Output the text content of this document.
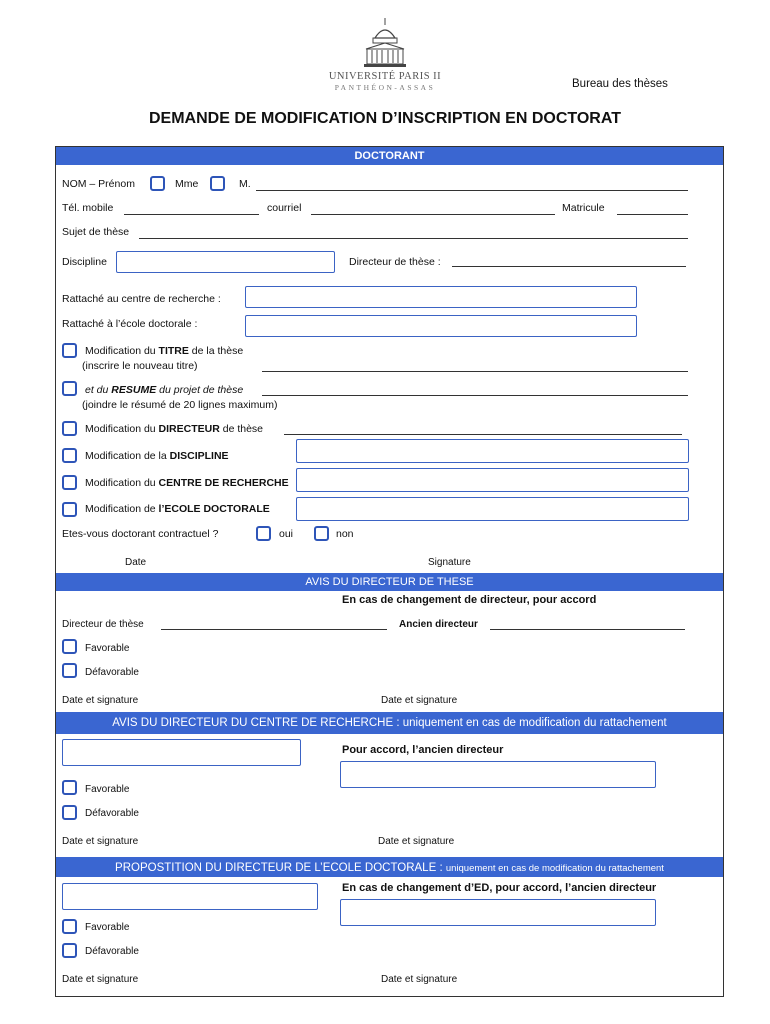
UNIVERSITÉ PARIS II
PANTHÉON-ASSAS	Bureau des thèses
DEMANDE DE MODIFICATION D’INSCRIPTION EN DOCTORAT
DOCTORANT
NOM – Prénom	Mme	M.
Tél. mobile	courriel	Matricule
Sujet de thèse
Discipline	Directeur de thèse :
Rattaché au centre de recherche :
Rattaché à l’école doctorale :
Modification du TITRE de la thèse
(inscrire le nouveau titre)
et du RESUME du projet de thèse
(joindre le résumé de 20 lignes maximum)
Modification du DIRECTEUR de thèse
Modification de la DISCIPLINE
Modification du CENTRE DE RECHERCHE
Modification de l’ECOLE DOCTORALE
Etes-vous doctorant contractuel ?	oui	non
Date	Signature
AVIS DU DIRECTEUR DE THESE
En cas de changement de directeur, pour accord
Directeur de thèse	Ancien directeur
Favorable
Défavorable
Date et signature	Date et signature
AVIS DU DIRECTEUR DU CENTRE DE RECHERCHE : uniquement en cas de modification du rattachement
Pour accord, l’ancien directeur
Favorable
Défavorable
Date et signature	Date et signature
PROPOSTITION DU DIRECTEUR DE L’ECOLE DOCTORALE : uniquement en cas de modification du rattachement
En cas de changement d’ED, pour accord, l’ancien directeur
Favorable
Défavorable
Date et signature	Date et signature
